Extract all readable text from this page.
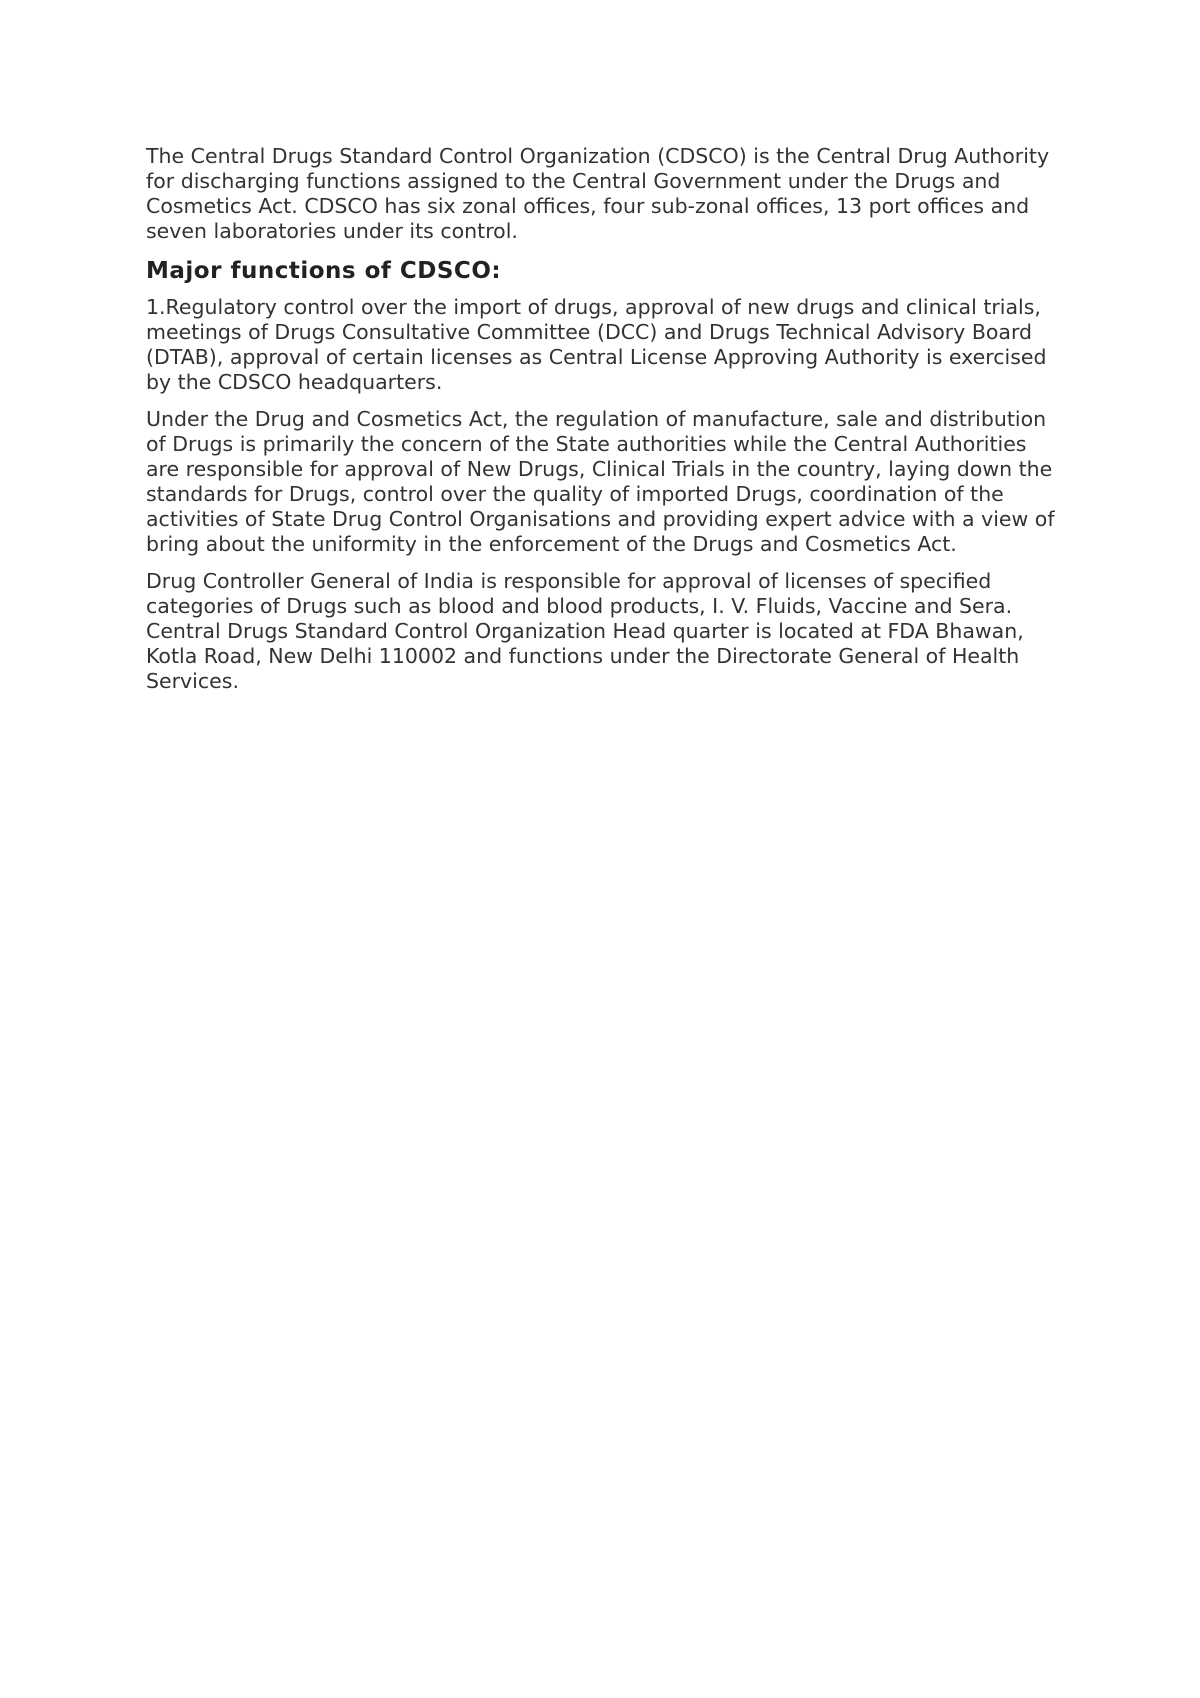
The Central Drugs Standard Control Organization (CDSCO) is the Central Drug Authority for discharging functions assigned to the Central Government under the Drugs and Cosmetics Act. CDSCO has six zonal offices, four sub-zonal offices, 13 port offices and seven laboratories under its control.

Major functions of CDSCO:

1.Regulatory control over the import of drugs, approval of new drugs and clinical trials, meetings of Drugs Consultative Committee (DCC) and Drugs Technical Advisory Board (DTAB), approval of certain licenses as Central License Approving Authority is exercised by the CDSCO headquarters.

Under the Drug and Cosmetics Act, the regulation of manufacture, sale and distribution of Drugs is primarily the concern of the State authorities while the Central Authorities are responsible for approval of New Drugs, Clinical Trials in the country, laying down the standards for Drugs, control over the quality of imported Drugs, coordination of the activities of State Drug Control Organisations and providing expert advice with a view of bring about the uniformity in the enforcement of the Drugs and Cosmetics Act.

Drug Controller General of India is responsible for approval of licenses of specified categories of Drugs such as blood and blood products, I. V. Fluids, Vaccine and Sera. Central Drugs Standard Control Organization Head quarter is located at FDA Bhawan, Kotla Road, New Delhi 110002 and functions under the Directorate General of Health Services.
